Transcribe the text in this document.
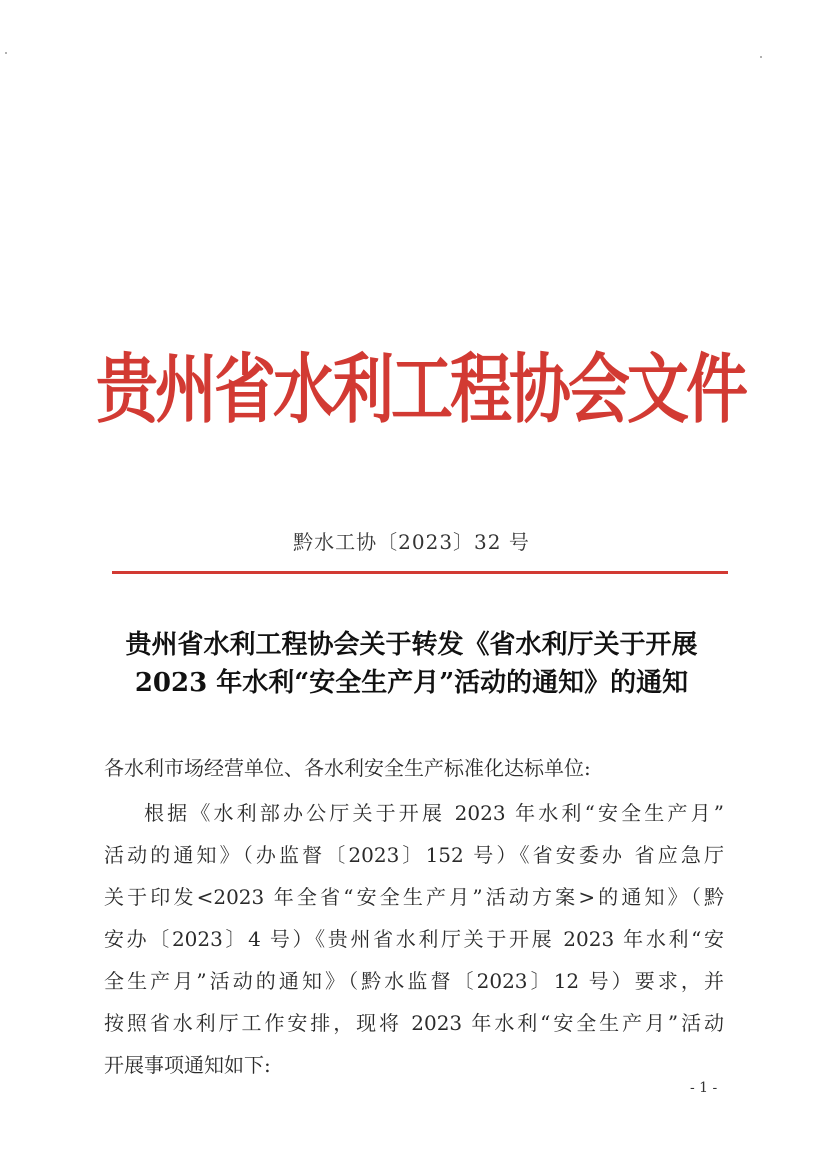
贵州省水利工程协会文件
黔水工协〔2023〕32 号
贵州省水利工程协会关于转发《省水利厅关于开展
2023 年水利“安全生产月”活动的通知》的通知
各水利市场经营单位、各水利安全生产标准化达标单位:
根据《水利部办公厅关于开展 2023 年水利“安全生产月”
活动的通知》（办监督〔2023〕152 号）《省安委办 省应急厅
关于印发<2023 年全省“安全生产月”活动方案>的通知》（黔
安办〔2023〕4 号）《贵州省水利厅关于开展 2023 年水利“安
全生产月”活动的通知》（黔水监督〔2023〕12 号）要求，并
按照省水利厅工作安排，现将 2023 年水利“安全生产月”活动
开展事项通知如下:
- 1 -
